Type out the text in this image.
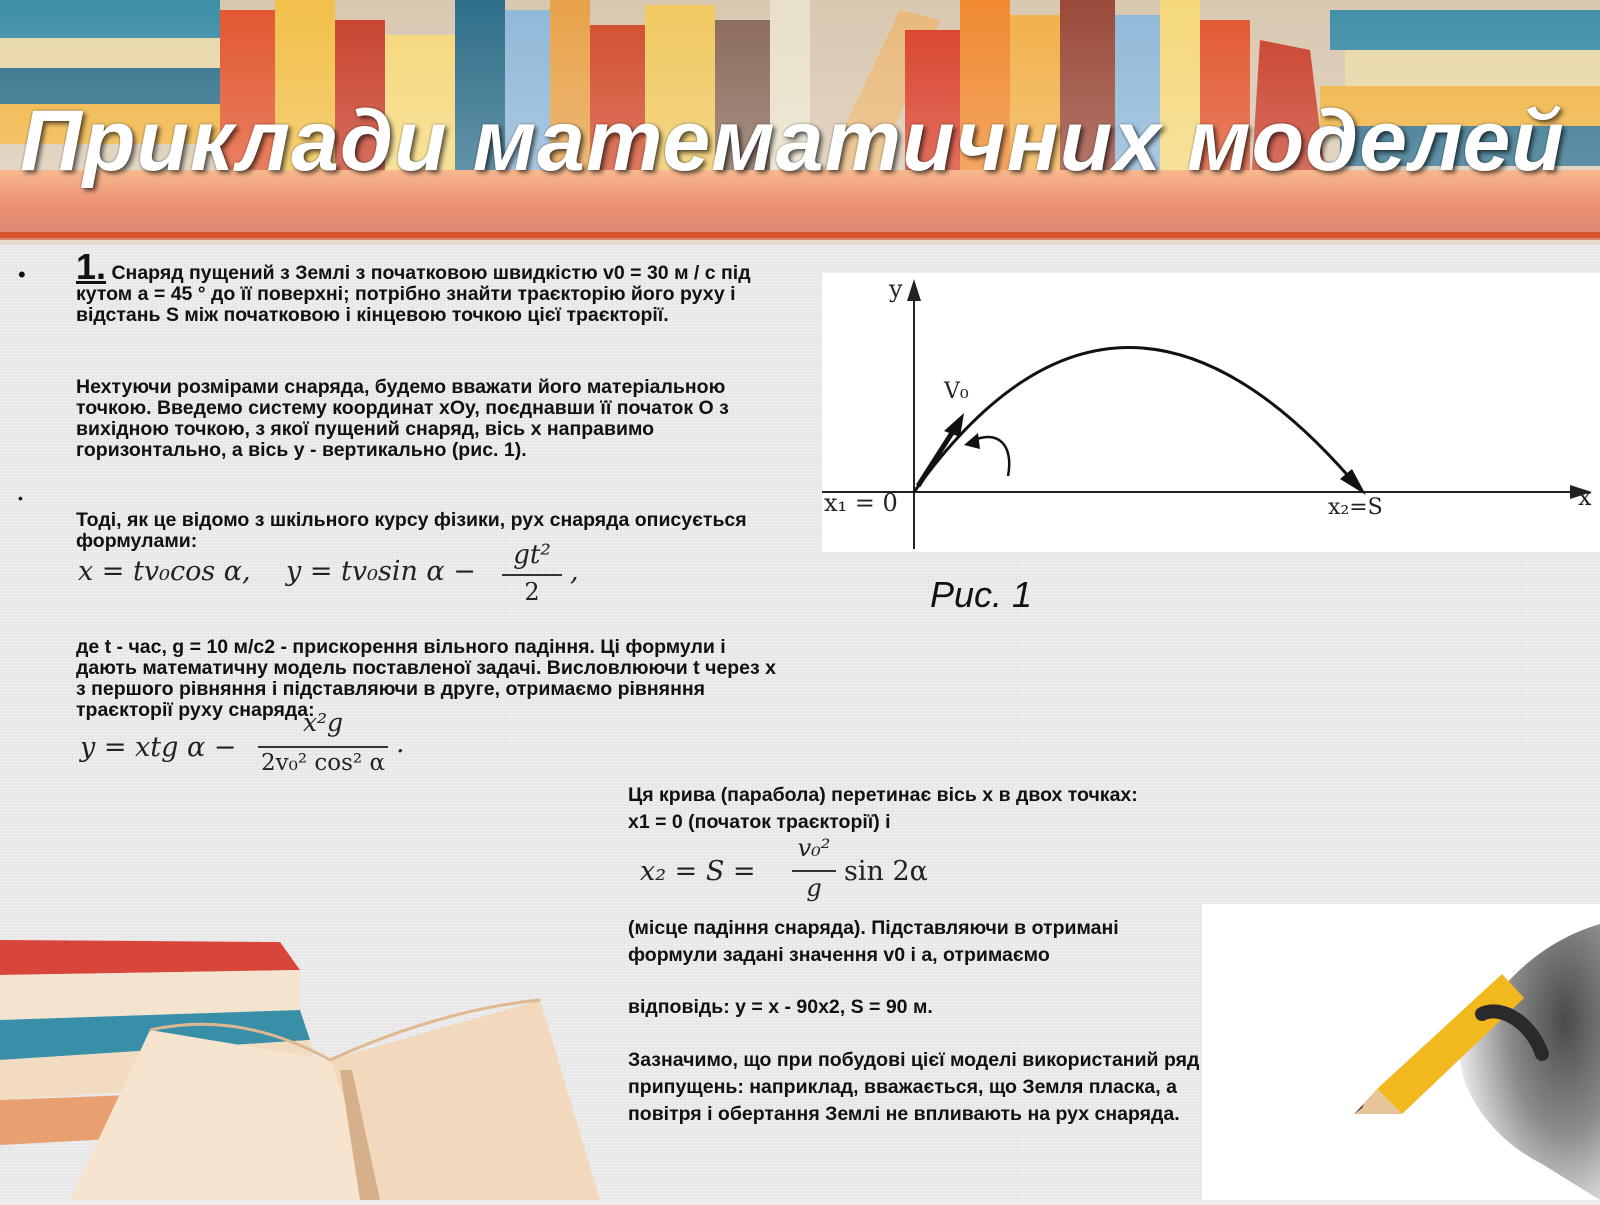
Приклади математичних моделей
•
•

1. Снаряд пущений з Землі з початковою швидкістю v0 = 30 м / с під кутом a = 45 ° до її поверхні; потрібно знайти траєкторію його руху і відстань S між початковою і кінцевою точкою цієї траєкторії.

Нехтуючи розмірами снаряда, будемо вважати його матеріальною точкою. Введемо систему координат xOy, поєднавши її початок O з вихідною точкою, з якої пущений снаряд, вісь x направимо горизонтально, а вісь y - вертикально (рис. 1).
Тоді, як це відомо з шкільного курсу фізики, рух снаряда описується формулами:
x = tv₀cos α, y = tv₀sin α −
gt²
2
,
де t - час, g = 10 м/с2 - прискорення вільного падіння. Ці формули і дають математичну модель поставленої задачі. Висловлюючи t через x з першого рівняння і підставляючи в друге, отримаємо рівняння траєкторії руху снаряда:
y = xtg α −
x²g
2v₀² cos² α
.
y
x
V₀
x₁ = 0	x₂=S
Рис. 1

Ця крива (парабола) перетинає вісь x в двох точках:

x1 = 0 (початок траєкторії) і

x₂ = S =
v₀²
g
sin 2α
(місце падіння снаряда). Підставляючи в отримані формули задані значення v0 і a, отримаємо
відповідь: y = x - 90x2, S = 90 м.
Зазначимо, що при побудові цієї моделі використаний ряд припущень: наприклад, вважається, що Земля пласка, а повітря і обертання Землі не впливають на рух снаряда.
